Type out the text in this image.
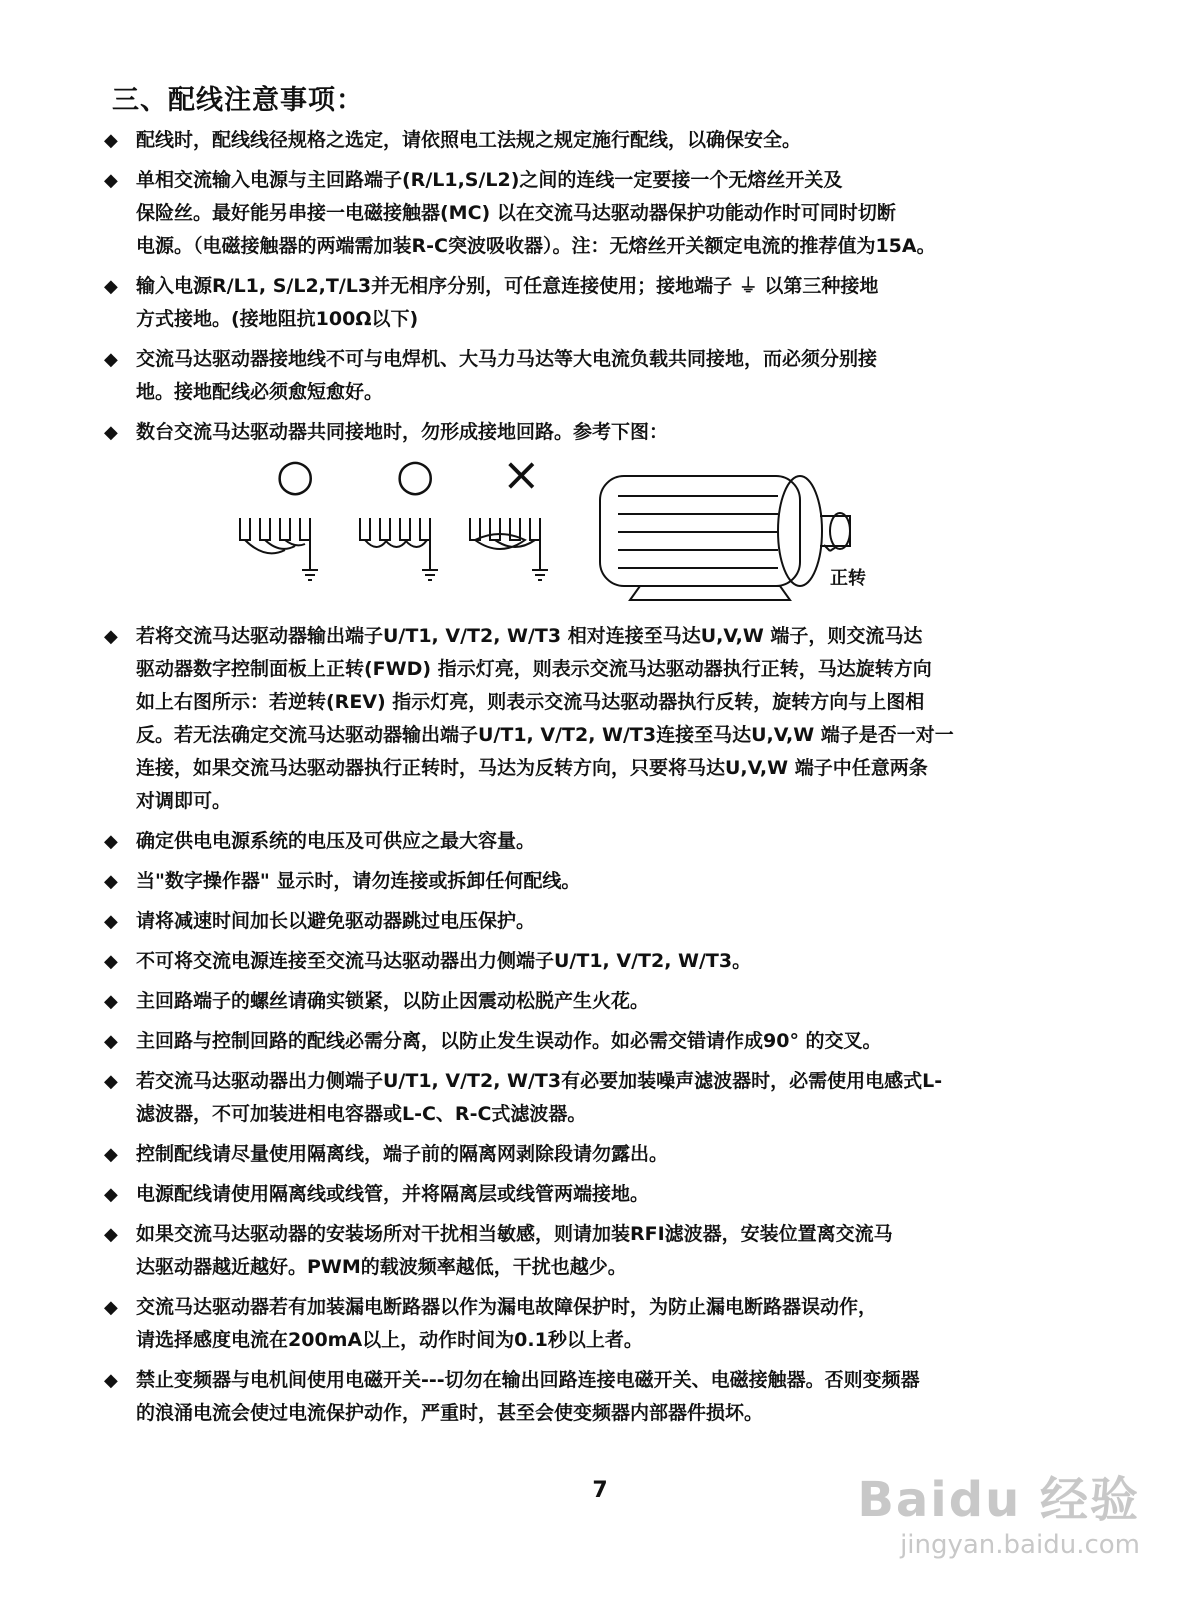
三、配线注意事项：
◆ 配线时，配线线径规格之选定，请依照电工法规之规定施行配线，以确保安全。

◆ 单相交流输入电源与主回路端子(R/L1,S/L2)之间的连线一定要接一个无熔丝开关及

保险丝。最好能另串接一电磁接触器(MC) 以在交流马达驱动器保护功能动作时可同时切断

电源。（电磁接触器的两端需加装R-C突波吸收器）。注：无熔丝开关额定电流的推荐值为15A。

◆ 输入电源R/L1, S/L2,T/L3并无相序分别，可任意连接使用；接地端子 ⏚ 以第三种接地

方式接地。(接地阻抗100Ω以下)

◆ 交流马达驱动器接地线不可与电焊机、大马力马达等大电流负载共同接地，而必须分别接

地。接地配线必须愈短愈好。

◆ 数台交流马达驱动器共同接地时，勿形成接地回路。参考下图：

○ ○ ×
正转
◆ 若将交流马达驱动器输出端子U/T1, V/T2, W/T3 相对连接至马达U,V,W 端子，则交流马达

驱动器数字控制面板上正转(FWD) 指示灯亮，则表示交流马达驱动器执行正转，马达旋转方向

如上右图所示：若逆转(REV) 指示灯亮，则表示交流马达驱动器执行反转，旋转方向与上图相

反。若无法确定交流马达驱动器输出端子U/T1, V/T2, W/T3连接至马达U,V,W 端子是否一对一

连接，如果交流马达驱动器执行正转时，马达为反转方向，只要将马达U,V,W 端子中任意两条

对调即可。

◆ 确定供电电源系统的电压及可供应之最大容量。

◆ 当"数字操作器" 显示时，请勿连接或拆卸任何配线。

◆ 请将减速时间加长以避免驱动器跳过电压保护。

◆ 不可将交流电源连接至交流马达驱动器出力侧端子U/T1, V/T2, W/T3。

◆ 主回路端子的螺丝请确实锁紧，以防止因震动松脱产生火花。

◆ 主回路与控制回路的配线必需分离，以防止发生误动作。如必需交错请作成90° 的交叉。

◆ 若交流马达驱动器出力侧端子U/T1, V/T2, W/T3有必要加装噪声滤波器时，必需使用电感式L-

滤波器，不可加装进相电容器或L-C、R-C式滤波器。

◆ 控制配线请尽量使用隔离线，端子前的隔离网剥除段请勿露出。

◆ 电源配线请使用隔离线或线管，并将隔离层或线管两端接地。

◆ 如果交流马达驱动器的安装场所对干扰相当敏感，则请加装RFI滤波器，安装位置离交流马

达驱动器越近越好。PWM的载波频率越低，干扰也越少。

◆ 交流马达驱动器若有加装漏电断路器以作为漏电故障保护时，为防止漏电断路器误动作，

请选择感度电流在200mA以上，动作时间为0.1秒以上者。

◆ 禁止变频器与电机间使用电磁开关---切勿在输出回路连接电磁开关、电磁接触器。否则变频器

的浪涌电流会使过电流保护动作，严重时，甚至会使变频器内部器件损坏。

7	Baidu 经验
jingyan.baidu.com
